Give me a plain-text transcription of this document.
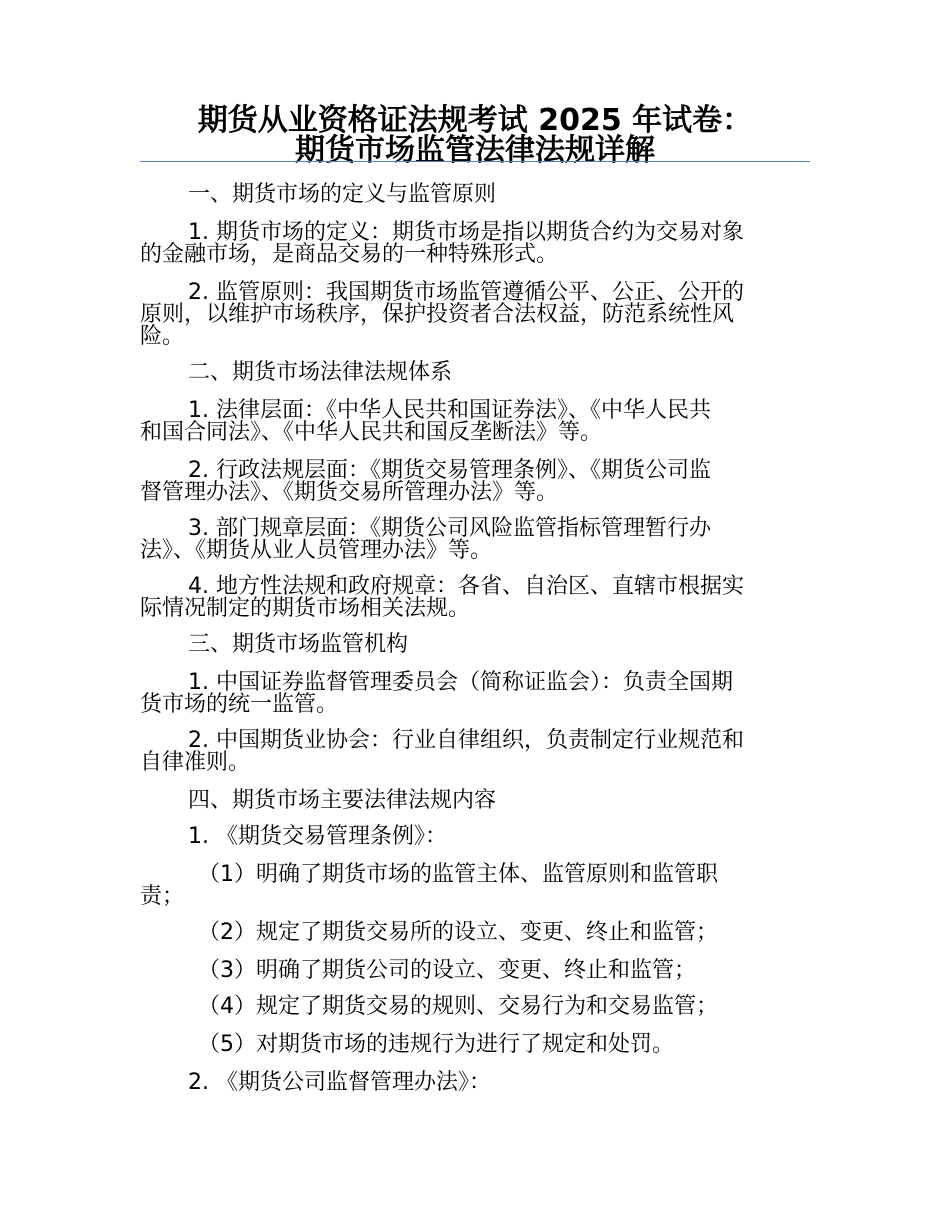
期货从业资格证法规考试 2025 年试卷：
期货市场监管法律法规详解
一、期货市场的定义与监管原则
1. 期货市场的定义：期货市场是指以期货合约为交易对象
的金融市场，是商品交易的一种特殊形式。
2. 监管原则：我国期货市场监管遵循公平、公正、公开的
原则，以维护市场秩序，保护投资者合法权益，防范系统性风
险。
二、期货市场法律法规体系
1. 法律层面：《中华人民共和国证券法》、《中华人民共
和国合同法》、《中华人民共和国反垄断法》等。
2. 行政法规层面：《期货交易管理条例》、《期货公司监
督管理办法》、《期货交易所管理办法》等。
3. 部门规章层面：《期货公司风险监管指标管理暂行办
法》、《期货从业人员管理办法》等。
4. 地方性法规和政府规章：各省、自治区、直辖市根据实
际情况制定的期货市场相关法规。
三、期货市场监管机构
1. 中国证券监督管理委员会（简称证监会）：负责全国期
货市场的统一监管。
2. 中国期货业协会：行业自律组织，负责制定行业规范和
自律准则。
四、期货市场主要法律法规内容
1. 《期货交易管理条例》：
（1）明确了期货市场的监管主体、监管原则和监管职
责；
（2）规定了期货交易所的设立、变更、终止和监管；
（3）明确了期货公司的设立、变更、终止和监管；
（4）规定了期货交易的规则、交易行为和交易监管；
（5）对期货市场的违规行为进行了规定和处罚。
2. 《期货公司监督管理办法》：
